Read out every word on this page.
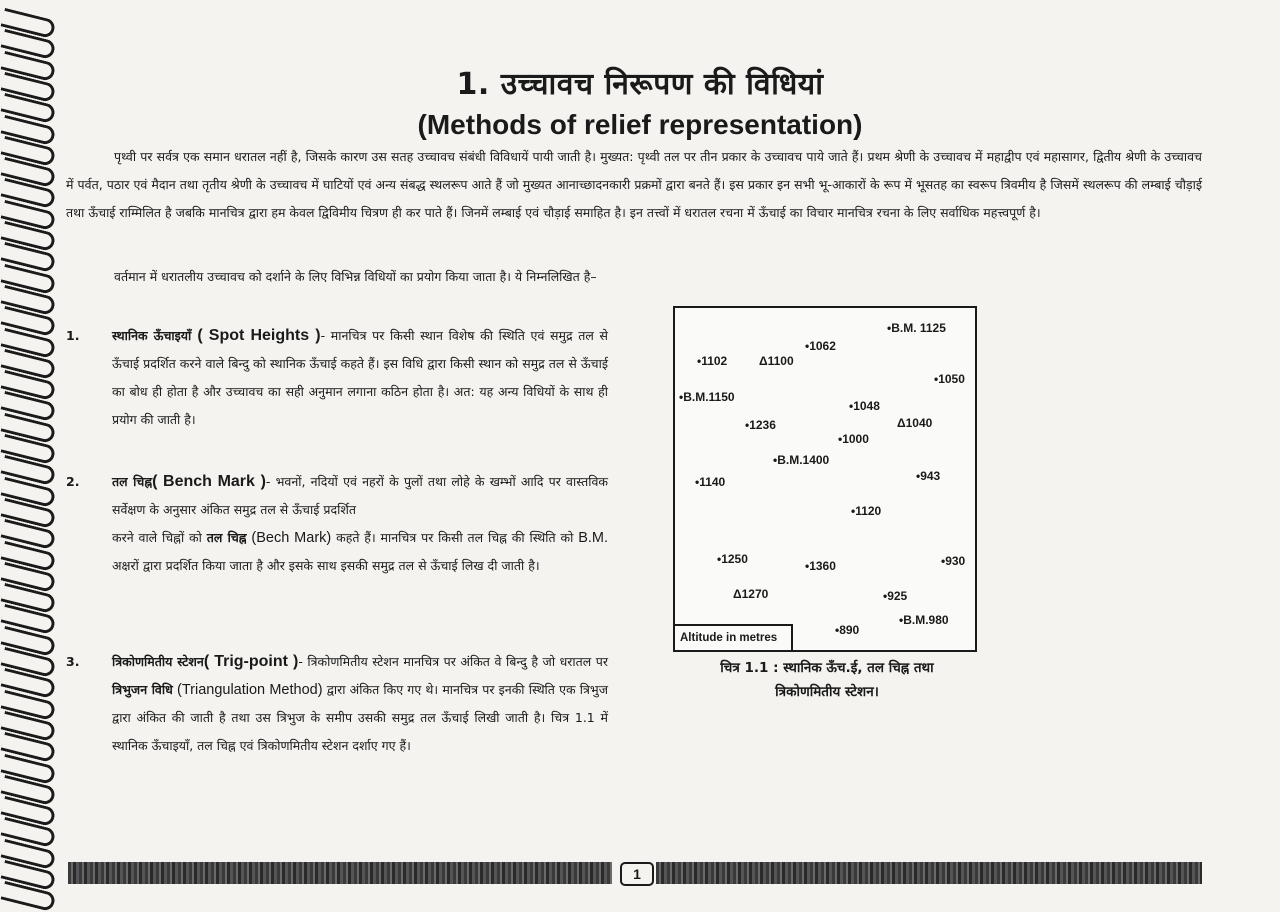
1. उच्चावच निरूपण की विधियां
(Methods of relief representation)

पृथ्वी पर सर्वत्र एक समान धरातल नहीं है, जिसके कारण उस सतह उच्चावच संबंधी विविधायें पायी जाती है। मुख्यत: पृथ्वी तल पर तीन प्रकार के उच्चावच पाये जाते हैं। प्रथम श्रेणी के उच्चावच में महाद्वीप एवं महासागर, द्वितीय श्रेणी के उच्चावच में पर्वत, पठार एवं मैदान तथा तृतीय श्रेणी के उच्चावच में घाटियों एवं अन्य संबद्ध स्थलरूप आते हैं जो मुख्यत आनाच्छादनकारी प्रक्रमों द्वारा बनते हैं। इस प्रकार इन सभी भू-आकारों के रूप में भूसतह का स्वरूप त्रिवमीय है जिसमें स्थलरूप की लम्बाई चौड़ाई तथा ऊँचाई राम्मिलित है जबकि मानचित्र द्वारा हम केवल द्विविमीय चित्रण ही कर पाते हैं। जिनमें लम्बाई एवं चौड़ाई समाहित है। इन तत्त्वों में धरातल रचना में ऊँचाई का विचार मानचित्र रचना के लिए सर्वाधिक महत्त्वपूर्ण है।

वर्तमान में धरातलीय उच्चावच को दर्शाने के लिए विभिन्न विधियों का प्रयोग किया जाता है। ये निम्नलिखित है–

1.	स्थानिक ऊँचाइयाँ ( Spot Heights )- मानचित्र पर किसी स्थान विशेष की स्थिति एवं समुद्र तल से ऊँचाई प्रदर्शित करने वाले बिन्दु को स्थानिक ऊँचाई कहते हैं। इस विधि द्वारा किसी स्थान को समुद्र तल से ऊँचाई का बोध ही होता है और उच्चावच का सही अनुमान लगाना कठिन होता है। अत: यह अन्य विधियों के साथ ही प्रयोग की जाती है।

2.	तल चिह्न( Bench Mark )- भवनों, नदियों एवं नहरों के पुलों तथा लोहे के खम्भों आदि पर वास्तविक सर्वेक्षण के अनुसार अंकित समुद्र तल से ऊँचाई प्रदर्शित
करने वाले चिह्नों को तल चिह्न (Bech Mark) कहते हैं। मानचित्र पर किसी तल चिह्न की स्थिति को B.M. अक्षरों द्वारा प्रदर्शित किया जाता है और इसके साथ इसकी समुद्र तल से ऊँचाई लिख दी जाती है।

3.	त्रिकोणमितीय स्टेशन( Trig-point )- त्रिकोणमितीय स्टेशन मानचित्र पर अंकित वे बिन्दु है जो धरातल पर त्रिभुजन विधि (Triangulation Method) द्वारा अंकित किए गए थे। मानचित्र पर इनकी स्थिति एक त्रिभुज द्वारा अंकित की जाती है तथा उस त्रिभुज के समीप उसकी समुद्र तल ऊँचाई लिखी जाती है। चित्र 1.1 में स्थानिक ऊँचाइयाँ, तल चिह्न एवं त्रिकोणमितीय स्टेशन दर्शाए गए हैं।

•B.M. 1125
•1062
•1102	Δ1100
•1050
•B.M.1150
•1048
•1236	Δ1040
•1000
•B.M.1400
•943
•1140
•1120
•1250	•930
•1360
Δ1270	•925
•B.M.980
•890
Altitude in metres
चित्र 1.1 : स्थानिक ऊँच.ई, तल चिह्न तथा
त्रिकोणमितीय स्टेशन।
1
